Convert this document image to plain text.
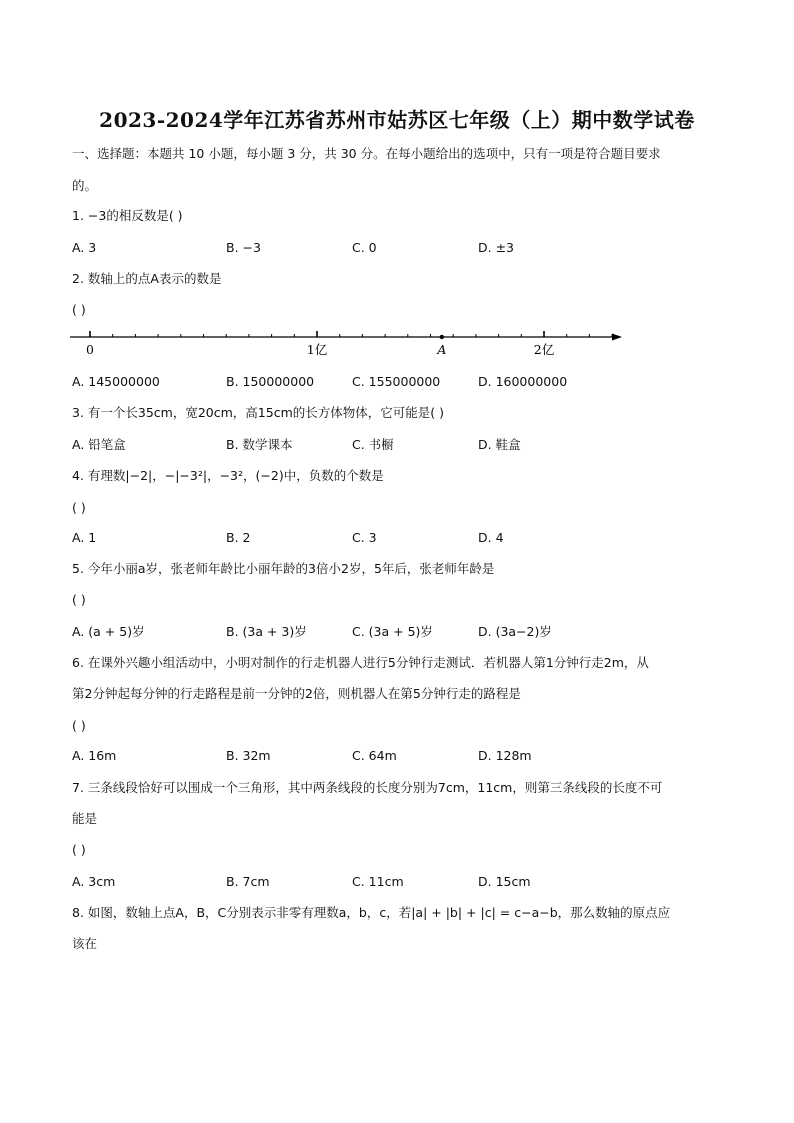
2023-2024学年江苏省苏州市姑苏区七年级（上）期中数学试卷
一、选择题：本题共 10 小题，每小题 3 分，共 30 分。在每小题给出的选项中，只有一项是符合题目要求
的。
1. −3的相反数是( )
A. 3	B. −3	C. 0	D. ±3
2. 数轴上的点A表示的数是
( )
0	1亿	A	2亿
A. 145000000	B. 150000000	C. 155000000	D. 160000000
3. 有一个长35cm，宽20cm，高15cm的长方体物体，它可能是( )
A. 铅笔盒	B. 数学课本	C. 书橱	D. 鞋盒
4. 有理数|−2|，−|−3²|，−3²，(−2)中，负数的个数是
( )
A. 1	B. 2	C. 3	D. 4
5. 今年小丽a岁，张老师年龄比小丽年龄的3倍小2岁，5年后，张老师年龄是
( )
A. (a + 5)岁	B. (3a + 3)岁	C. (3a + 5)岁	D. (3a−2)岁
6. 在课外兴趣小组活动中，小明对制作的行走机器人进行5分钟行走测试．若机器人第1分钟行走2m，从
第2分钟起每分钟的行走路程是前一分钟的2倍，则机器人在第5分钟行走的路程是
( )
A. 16m	B. 32m	C. 64m	D. 128m
7. 三条线段恰好可以围成一个三角形，其中两条线段的长度分别为7cm，11cm，则第三条线段的长度不可
能是
( )
A. 3cm	B. 7cm	C. 11cm	D. 15cm
8. 如图，数轴上点A，B，C分别表示非零有理数a，b，c，若|a| + |b| + |c| = c−a−b，那么数轴的原点应
该在
